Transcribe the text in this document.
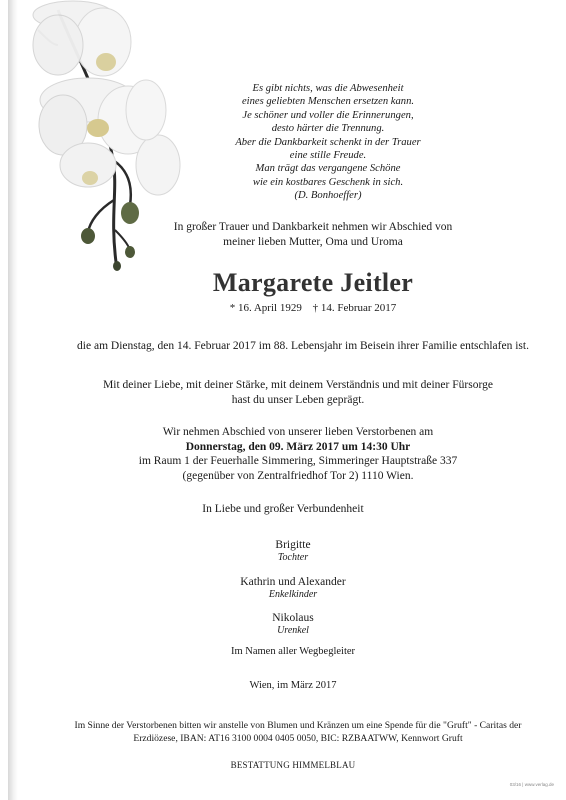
Es gibt nichts, was die Abwesenheit
eines geliebten Menschen ersetzen kann.
Je schöner und voller die Erinnerungen,
desto härter die Trennung.
Aber die Dankbarkeit schenkt in der Trauer
eine stille Freude.
Man trägt das vergangene Schöne
wie ein kostbares Geschenk in sich.
(D. Bonhoeffer)
In großer Trauer und Dankbarkeit nehmen wir Abschied von
meiner lieben Mutter, Oma und Uroma
Margarete Jeitler
* 16. April 1929 † 14. Februar 2017
die am Dienstag, den 14. Februar 2017 im 88. Lebensjahr im Beisein ihrer Familie entschlafen ist.
Mit deiner Liebe, mit deiner Stärke, mit deinem Verständnis und mit deiner Fürsorge
hast du unser Leben geprägt.
Wir nehmen Abschied von unserer lieben Verstorbenen am
Donnerstag, den 09. März 2017 um 14:30 Uhr
im Raum 1 der Feuerhalle Simmering, Simmeringer Hauptstraße 337
(gegenüber von Zentralfriedhof Tor 2) 1110 Wien.
In Liebe und großer Verbundenheit
Brigitte
Tochter
Kathrin und Alexander
Enkelkinder
Nikolaus
Urenkel
Im Namen aller Wegbegleiter
Wien, im März 2017
Im Sinne der Verstorbenen bitten wir anstelle von Blumen und Kränzen um eine Spende für die "Gruft" - Caritas der
Erzdiözese, IBAN: AT16 3100 0004 0405 0050, BIC: RZBAATWW, Kennwort Gruft
BESTATTUNG HIMMELBLAU
03/16 | www.verlag.de
